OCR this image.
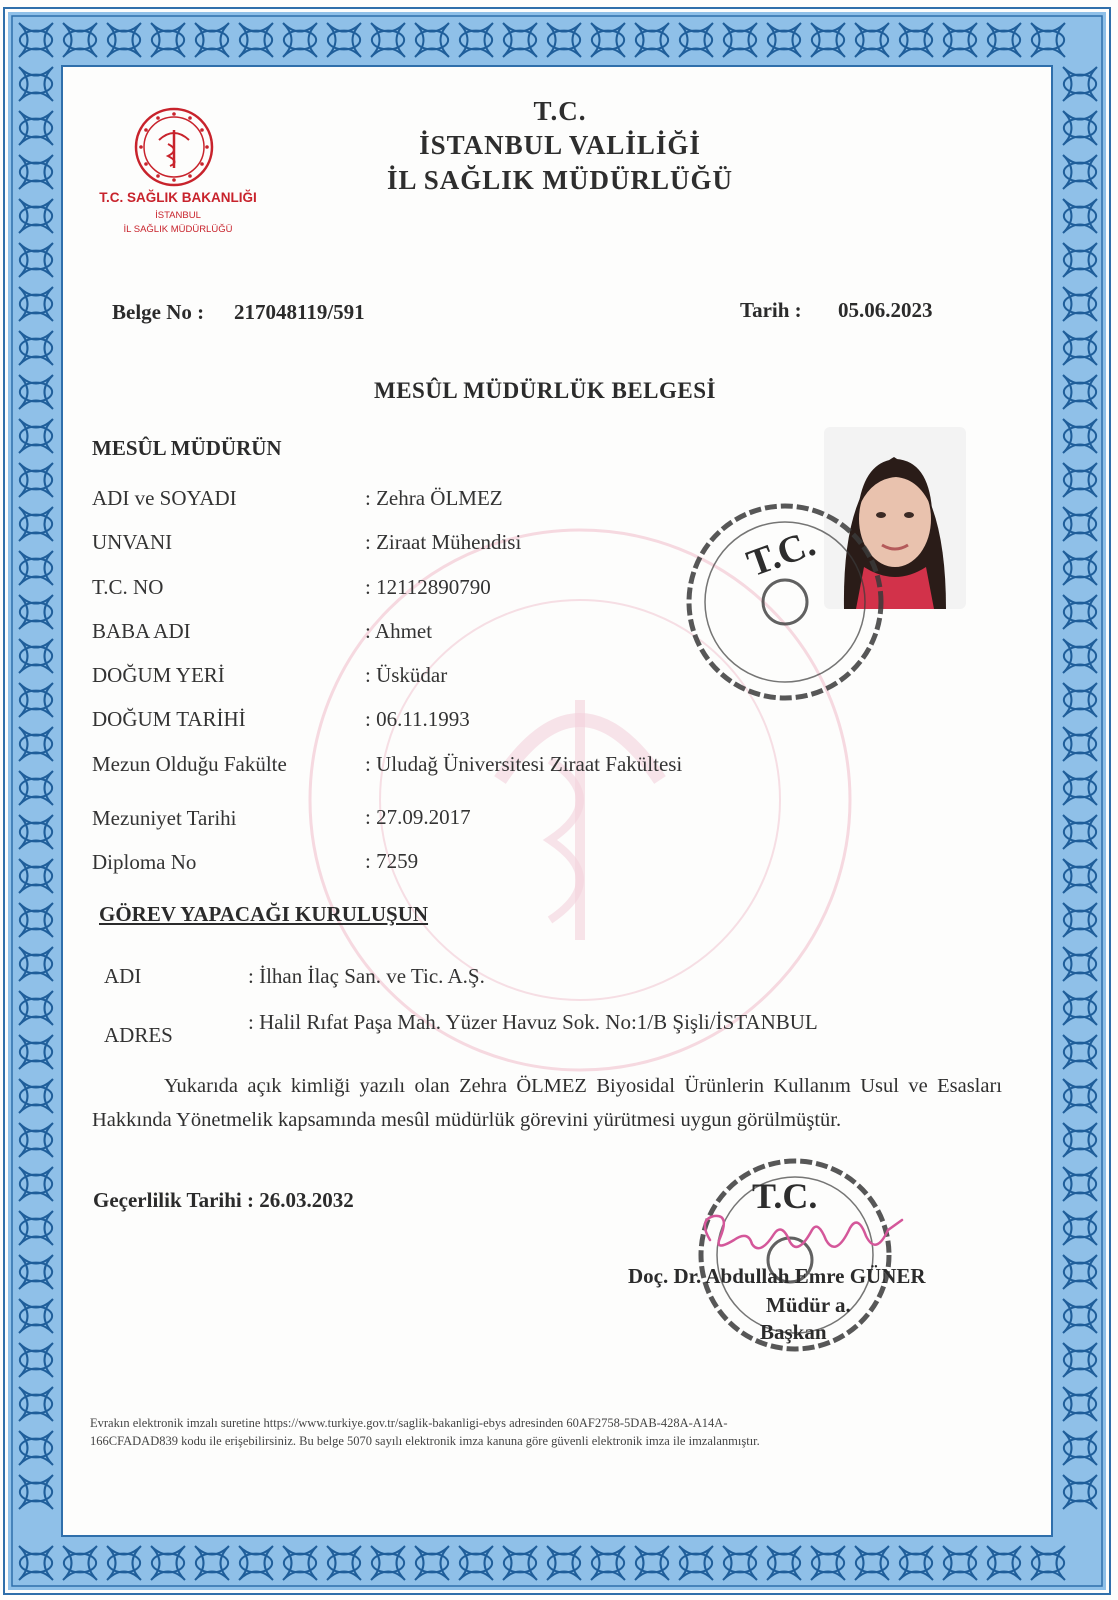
T.C. SAĞLIK BAKANLIĞI
İSTANBUL
İL SAĞLIK MÜDÜRLÜĞÜ
T.C.
İSTANBUL VALİLİĞİ
İL SAĞLIK MÜDÜRLÜĞÜ
Belge No : 217048119/591	Tarih : 05.06.2023
MESÛL MÜDÜRLÜK BELGESİ
MESÛL MÜDÜRÜN
ADI ve SOYADI	: Zehra ÖLMEZ
UNVANI	: Ziraat Mühendisi
T.C. NO	: 12112890790
BABA ADI	: Ahmet
DOĞUM YERİ	: Üsküdar
DOĞUM TARİHİ	: 06.11.1993
Mezun Olduğu Fakülte	: Uludağ Üniversitesi Ziraat Fakültesi
Mezuniyet Tarihi	: 27.09.2017
Diploma No	: 7259
T.C.
GÖREV YAPACAĞI KURULUŞUN
ADI	: İlhan İlaç San. ve Tic. A.Ş.
ADRES
: Halil Rıfat Paşa Mah. Yüzer Havuz Sok. No:1/B Şişli/İSTANBUL
Yukarıda açık kimliği yazılı olan Zehra ÖLMEZ Biyosidal Ürünlerin Kullanım Usul ve Esasları Hakkında Yönetmelik kapsamında mesûl müdürlük görevini yürütmesi uygun görülmüştür.
Geçerlilik Tarihi : 26.03.2032	T.C.
Doç. Dr. Abdullah Emre GÜNER
Müdür a.
Başkan
Evrakın elektronik imzalı suretine https://www.turkiye.gov.tr/saglik-bakanligi-ebys adresinden 60AF2758-5DAB-428A-A14A-
166CFADAD839 kodu ile erişebilirsiniz. Bu belge 5070 sayılı elektronik imza kanuna göre güvenli elektronik imza ile imzalanmıştır.
